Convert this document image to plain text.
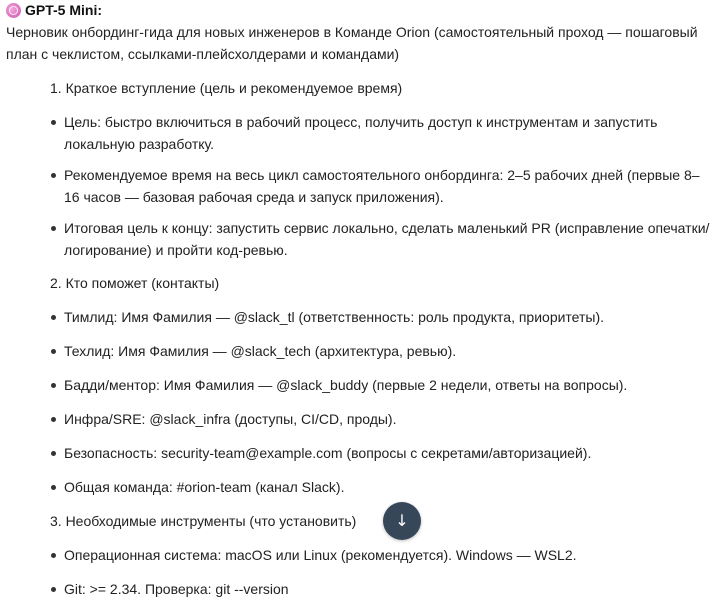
GPT-5 Mini:

Черновик онбординг-гида для новых инженеров в Команде Orion (самостоятельный проход — пошаговый план с чеклистом, ссылками-плейсхолдерами и командами)

1. Краткое вступление (цель и рекомендуемое время)
Цель: быстро включиться в рабочий процесс, получить доступ к инструментам и запустить локальную разработку.
Рекомендуемое время на весь цикл самостоятельного онбординга: 2–5 рабочих дней (первые 8–16 часов — базовая рабочая среда и запуск приложения).
Итоговая цель к концу: запустить сервис локально, сделать маленький PR (исправление опечатки/ логирование) и пройти код-ревью.
2. Кто поможет (контакты)
Тимлид: Имя Фамилия — @slack_tl (ответственность: роль продукта, приоритеты).
Техлид: Имя Фамилия — @slack_tech (архитектура, ревью).
Бадди/ментор: Имя Фамилия — @slack_buddy (первые 2 недели, ответы на вопросы).
Инфра/SRE: @slack_infra (доступы, CI/CD, проды).
Безопасность: security-team@example.com (вопросы с секретами/авторизацией).
Общая команда: #orion-team (канал Slack).
3. Необходимые инструменты (что установить)
Операционная система: macOS или Linux (рекомендуется). Windows — WSL2.
Git: >= 2.34. Проверка: git --version
↓
